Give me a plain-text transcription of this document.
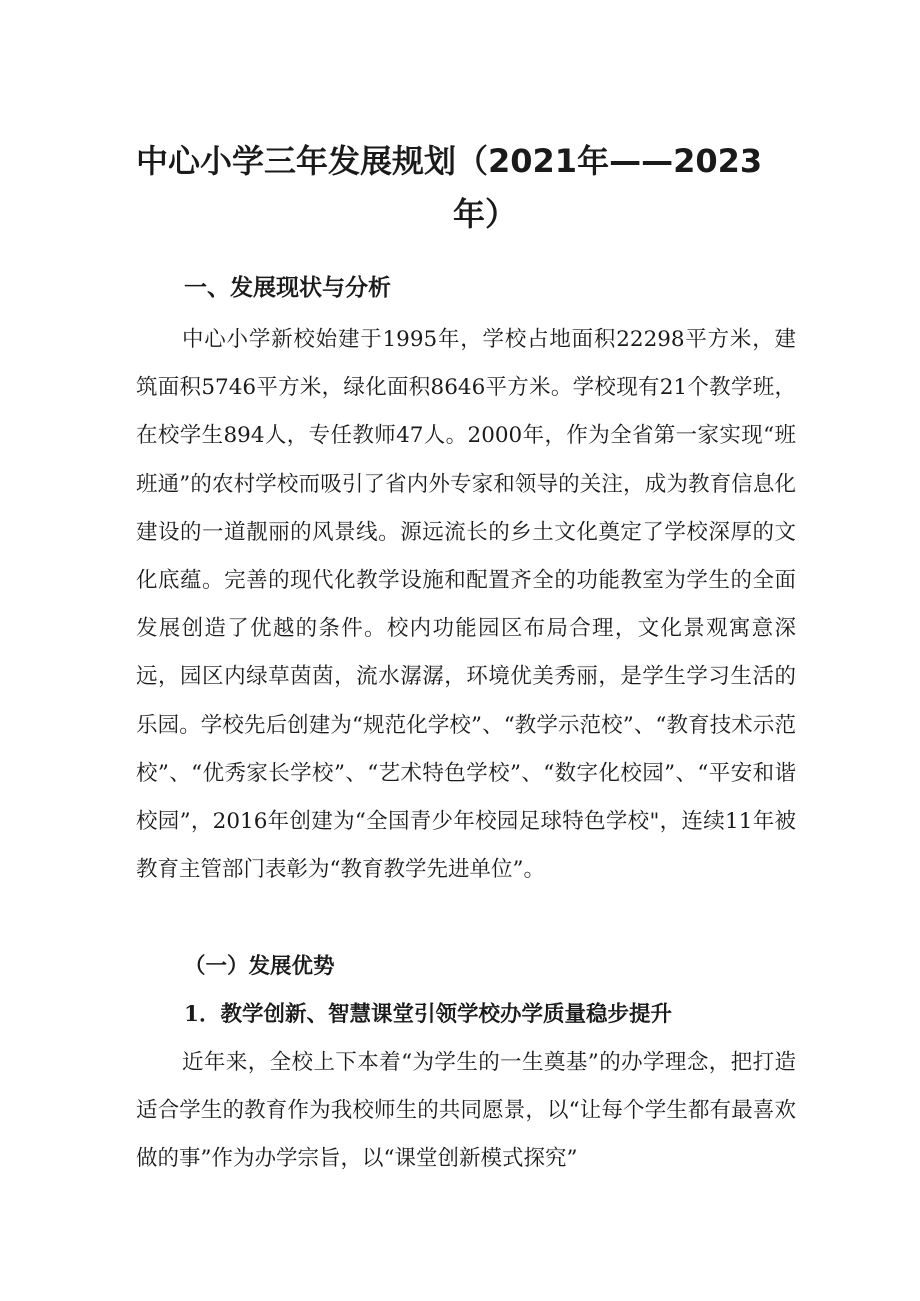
中心小学三年发展规划（2021年——2023
年）
一、发展现状与分析

中心小学新校始建于1995年，学校占地面积22298平方米，建筑面积5746平方米，绿化面积8646平方米。学校现有21个教学班，在校学生894人，专任教师47人。2000年，作为全省第一家实现“班班通”的农村学校而吸引了省内外专家和领导的关注，成为教育信息化建设的一道靓丽的风景线。源远流长的乡土文化奠定了学校深厚的文化底蕴。完善的现代化教学设施和配置齐全的功能教室为学生的全面发展创造了优越的条件。校内功能园区布局合理，文化景观寓意深远，园区内绿草茵茵，流水潺潺，环境优美秀丽，是学生学习生活的乐园。学校先后创建为“规范化学校”、“教学示范校”、“教育技术示范校”、“优秀家长学校”、“艺术特色学校”、“数字化校园”、“平安和谐校园”，2016年创建为“全国青少年校园足球特色学校"，连续11年被教育主管部门表彰为“教育教学先进单位”。

（一）发展优势
1．教学创新、智慧课堂引领学校办学质量稳步提升

近年来，全校上下本着“为学生的一生奠基”的办学理念，把打造适合学生的教育作为我校师生的共同愿景，以“让每个学生都有最喜欢做的事”作为办学宗旨，以“课堂创新模式探究”
